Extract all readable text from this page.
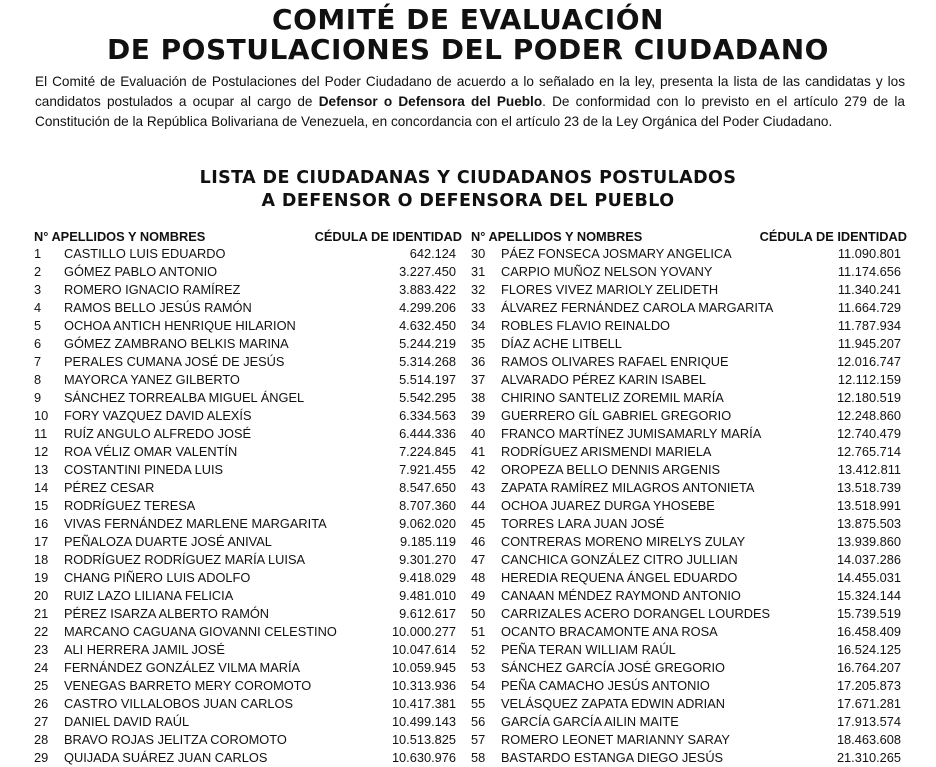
COMITÉ DE EVALUACIÓN
DE POSTULACIONES DEL PODER CIUDADANO
El Comité de Evaluación de Postulaciones del Poder Ciudadano de acuerdo a lo señalado en la ley, presenta la lista de las candidatas y los candidatos postulados a ocupar al cargo de Defensor o Defensora del Pueblo. De conformidad con lo previsto en el artículo 279 de la Constitución de la República Bolivariana de Venezuela, en concordancia con el artículo 23 de la Ley Orgánica del Poder Ciudadano.
LISTA DE CIUDADANAS Y CIUDADANOS POSTULADOS
A DEFENSOR O DEFENSORA DEL PUEBLO
N° APELLIDOS Y NOMBRES	CÉDULA DE IDENTIDAD
1 CASTILLO LUIS EDUARDO	642.124
2 GÓMEZ PABLO ANTONIO	3.227.450
3 ROMERO IGNACIO RAMÍREZ	3.883.422
4 RAMOS BELLO JESÚS RAMÓN	4.299.206
5 OCHOA ANTICH HENRIQUE HILARION	4.632.450
6 GÓMEZ ZAMBRANO BELKIS MARINA	5.244.219
7 PERALES CUMANA JOSÉ DE JESÚS	5.314.268
8 MAYORCA YANEZ GILBERTO	5.514.197
9 SÁNCHEZ TORREALBA MIGUEL ÁNGEL	5.542.295
10 FORY VAZQUEZ DAVID ALEXÍS	6.334.563
11 RUÍZ ANGULO ALFREDO JOSÉ	6.444.336
12 ROA VÉLIZ OMAR VALENTÍN	7.224.845
13 COSTANTINI PINEDA LUIS	7.921.455
14 PÉREZ CESAR	8.547.650
15 RODRÍGUEZ TERESA	8.707.360
16 VIVAS FERNÁNDEZ MARLENE MARGARITA	9.062.020
17 PEÑALOZA DUARTE JOSÉ ANIVAL	9.185.119
18 RODRÍGUEZ RODRÍGUEZ MARÍA LUISA	9.301.270
19 CHANG PIÑERO LUIS ADOLFO	9.418.029
20 RUIZ LAZO LILIANA FELICIA	9.481.010
21 PÉREZ ISARZA ALBERTO RAMÓN	9.612.617
22 MARCANO CAGUANA GIOVANNI CELESTINO	10.000.277
23 ALI HERRERA JAMIL JOSÉ	10.047.614
24 FERNÁNDEZ GONZÁLEZ VILMA MARÍA	10.059.945
25 VENEGAS BARRETO MERY COROMOTO	10.313.936
26 CASTRO VILLALOBOS JUAN CARLOS	10.417.381
27 DANIEL DAVID RAÚL	10.499.143
28 BRAVO ROJAS JELITZA COROMOTO	10.513.825
29 QUIJADA SUÁREZ JUAN CARLOS	10.630.976
N° APELLIDOS Y NOMBRES	CÉDULA DE IDENTIDAD
30 PÁEZ FONSECA JOSMARY ANGELICA	11.090.801
31 CARPIO MUÑOZ NELSON YOVANY	11.174.656
32 FLORES VIVEZ MARIOLY ZELIDETH	11.340.241
33 ÁLVAREZ FERNÁNDEZ CAROLA MARGARITA	11.664.729
34 ROBLES FLAVIO REINALDO	11.787.934
35 DÍAZ ACHE LITBELL	11.945.207
36 RAMOS OLIVARES RAFAEL ENRIQUE	12.016.747
37 ALVARADO PÉREZ KARIN ISABEL	12.112.159
38 CHIRINO SANTELIZ ZOREMIL MARÍA	12.180.519
39 GUERRERO GÍL GABRIEL GREGORIO	12.248.860
40 FRANCO MARTÍNEZ JUMISAMARLY MARÍA	12.740.479
41 RODRÍGUEZ ARISMENDI MARIELA	12.765.714
42 OROPEZA BELLO DENNIS ARGENIS	13.412.811
43 ZAPATA RAMÍREZ MILAGROS ANTONIETA	13.518.739
44 OCHOA JUAREZ DURGA YHOSEBE	13.518.991
45 TORRES LARA JUAN JOSÉ	13.875.503
46 CONTRERAS MORENO MIRELYS ZULAY	13.939.860
47 CANCHICA GONZÁLEZ CITRO JULLIAN	14.037.286
48 HEREDIA REQUENA ÁNGEL EDUARDO	14.455.031
49 CANAAN MÉNDEZ RAYMOND ANTONIO	15.324.144
50 CARRIZALES ACERO DORANGEL LOURDES	15.739.519
51 OCANTO BRACAMONTE ANA ROSA	16.458.409
52 PEÑA TERAN WILLIAM RAÚL	16.524.125
53 SÁNCHEZ GARCÍA JOSÉ GREGORIO	16.764.207
54 PEÑA CAMACHO JESÚS ANTONIO	17.205.873
55 VELÁSQUEZ ZAPATA EDWIN ADRIAN	17.671.281
56 GARCÍA GARCÍA AILIN MAITE	17.913.574
57 ROMERO LEONET MARIANNY SARAY	18.463.608
58 BASTARDO ESTANGA DIEGO JESÚS	21.310.265
